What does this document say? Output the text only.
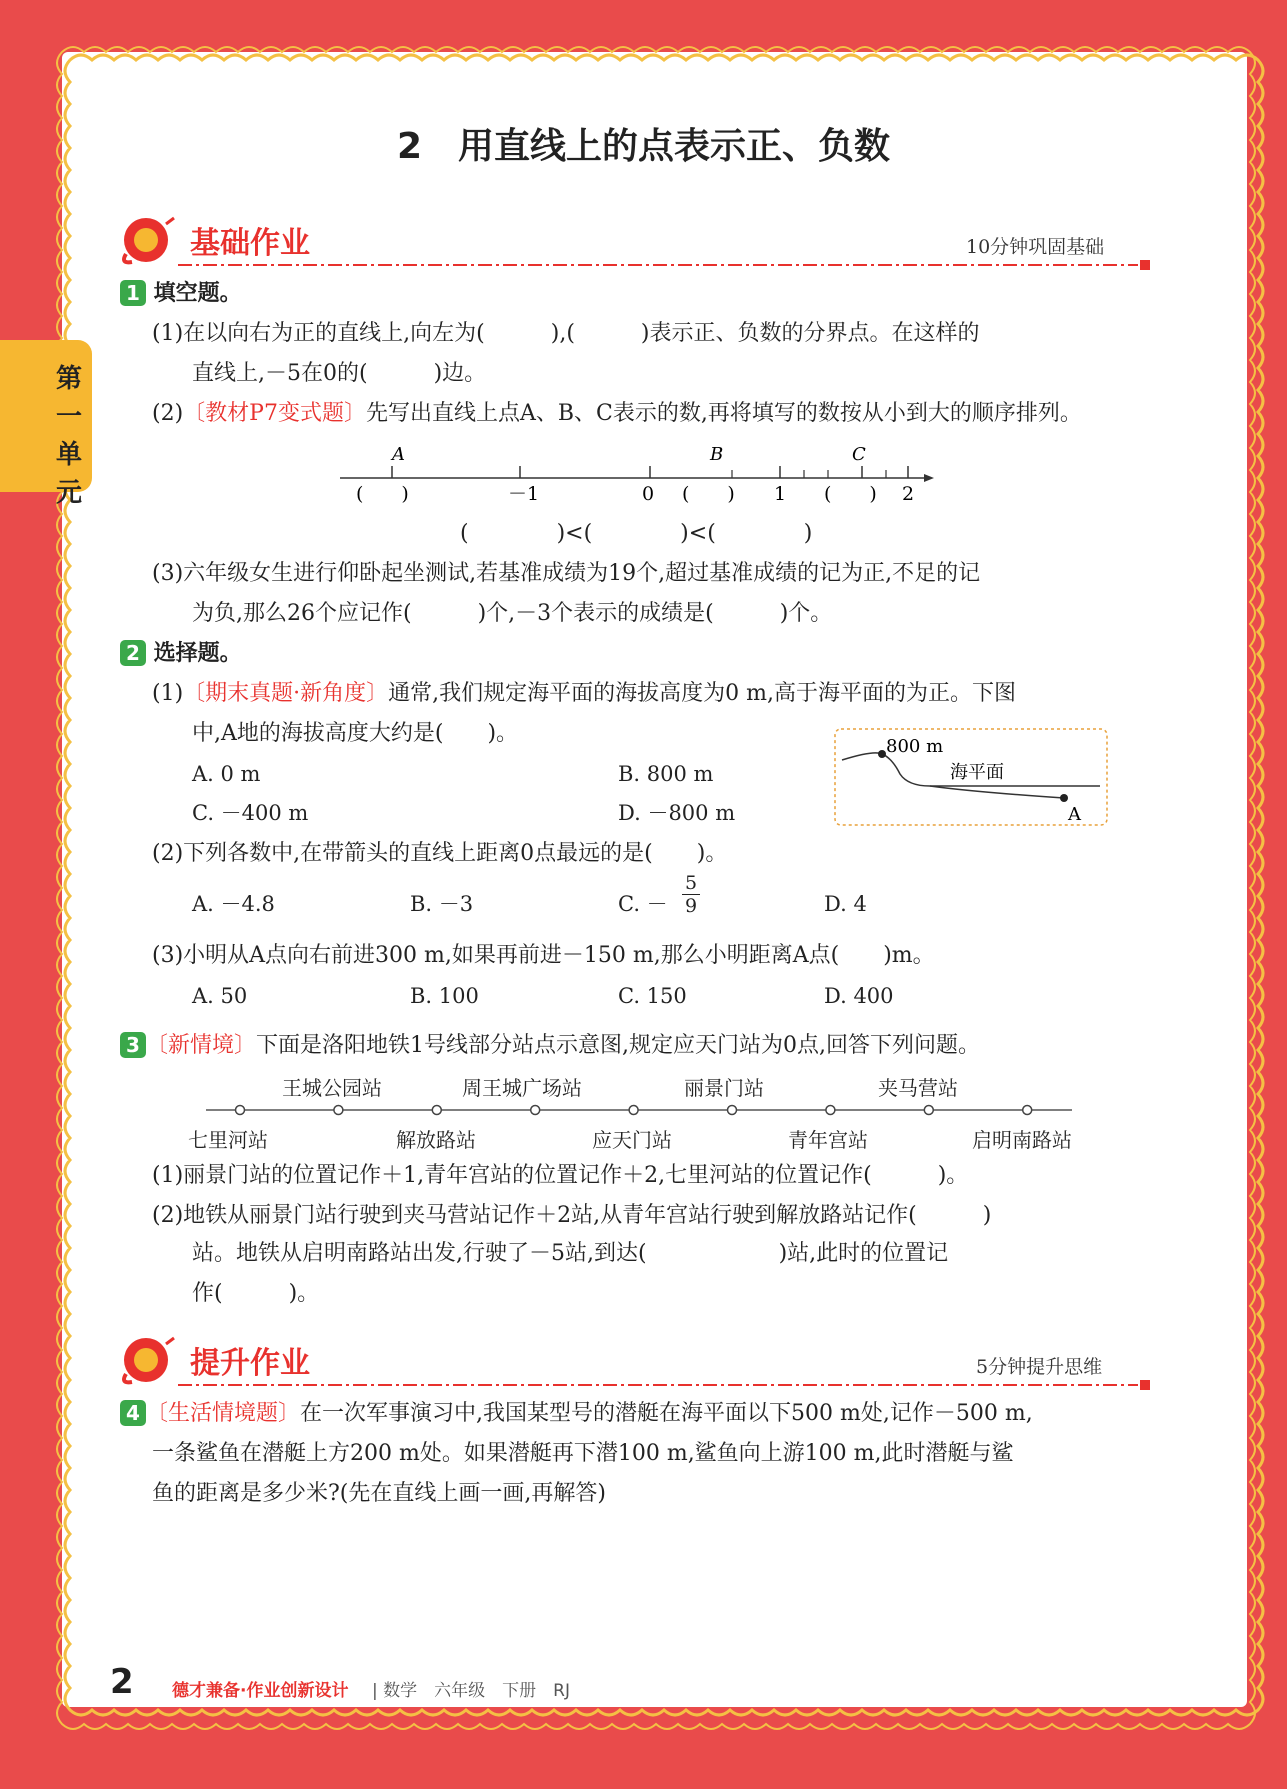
第一单元
2　用直线上的点表示正、负数
基础作业	10分钟巩固基础
1 填空题。
(1)在以向右为正的直线上,向左为(　　　),(　　　)表示正、负数的分界点。在这样的
直线上,－5在0的(　　　)边。
(2)〔教材P7变式题〕先写出直线上点A、B、C表示的数,再将填写的数按从小到大的顺序排列。
A	B	C
－1	0	1	2
(　　)	(　　)	(　　)
(　　　　)<(　　　　)<(　　　　)
(3)六年级女生进行仰卧起坐测试,若基准成绩为19个,超过基准成绩的记为正,不足的记
为负,那么26个应记作(　　　)个,－3个表示的成绩是(　　　)个。
2 选择题。
(1)〔期末真题·新角度〕通常,我们规定海平面的海拔高度为0 m,高于海平面的为正。下图
中,A地的海拔高度大约是(　　)。
A. 0 m	B. 800 m
C. －400 m	D. －800 m
800 m
海平面
A
(2)下列各数中,在带箭头的直线上距离0点最远的是(　　)。
A. －4.8	B. －3	C. － $\frac{5}{9}$	D. 4
(3)小明从A点向右前进300 m,如果再前进－150 m,那么小明距离A点(　　)m。
A. 50	B. 100	C. 150	D. 400
3 〔新情境〕下面是洛阳地铁1号线部分站点示意图,规定应天门站为0点,回答下列问题。
王城公园站	周王城广场站	丽景门站	夹马营站
七里河站	解放路站	应天门站	青年宫站	启明南路站
(1)丽景门站的位置记作＋1,青年宫站的位置记作＋2,七里河站的位置记作(　　　)。
(2)地铁从丽景门站行驶到夹马营站记作＋2站,从青年宫站行驶到解放路站记作(　　　)
站。地铁从启明南路站出发,行驶了－5站,到达(　　　　　　)站,此时的位置记
作(　　　)。
提升作业	5分钟提升思维
4 〔生活情境题〕在一次军事演习中,我国某型号的潜艇在海平面以下500 m处,记作－500 m,
一条鲨鱼在潜艇上方200 m处。如果潜艇再下潜100 m,鲨鱼向上游100 m,此时潜艇与鲨
鱼的距离是多少米?(先在直线上画一画,再解答)
2 德才兼备·作业创新设计 | 数学　六年级　下册　RJ
